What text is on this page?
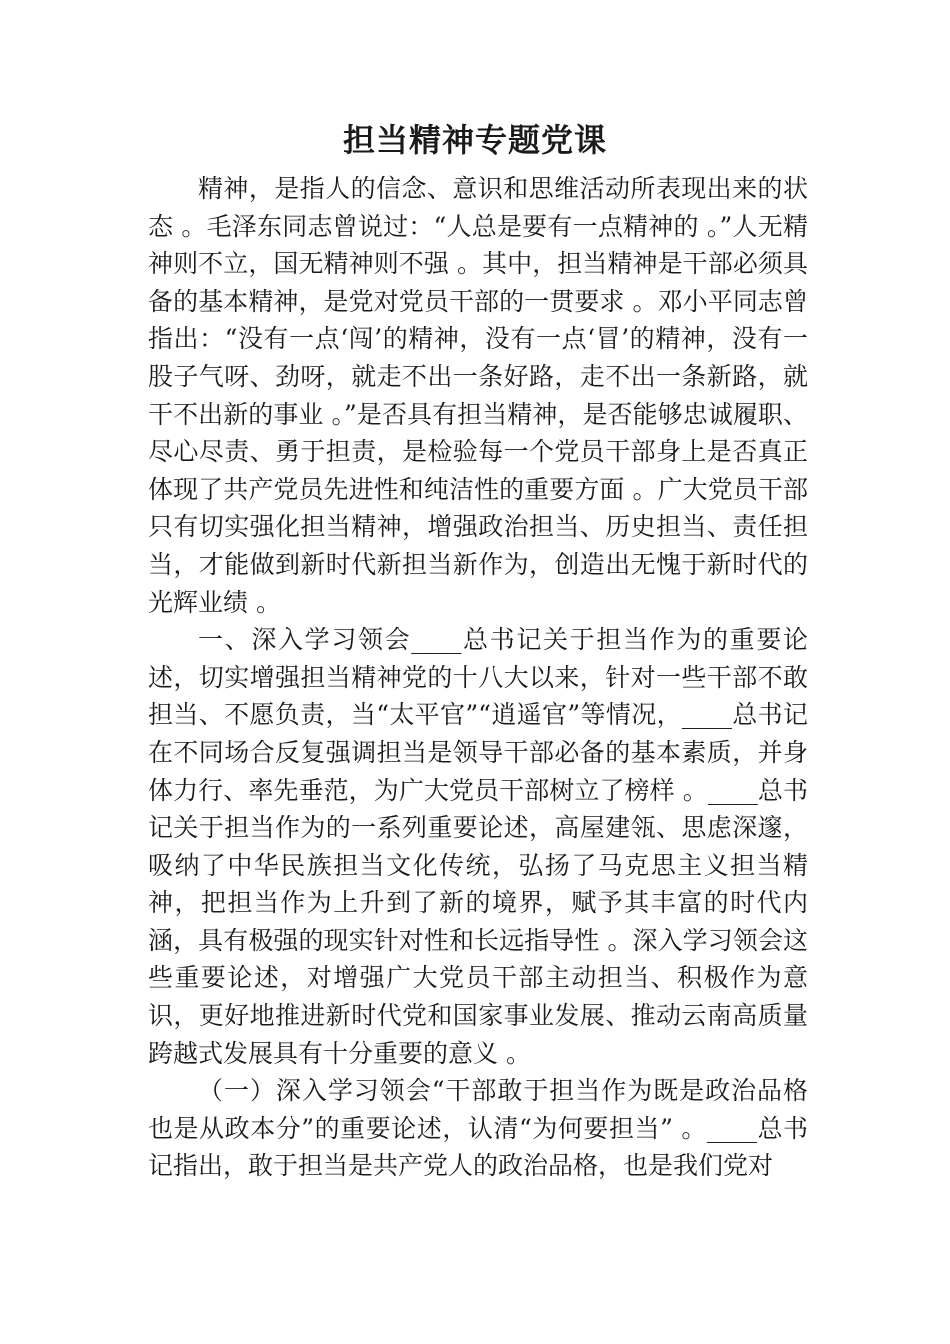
担当精神专题党课

精神，是指人的信念、意识和思维活动所表现出来的状态 。毛泽东同志曾说过：“人总是要有一点精神的 。”人无精神则不立，国无精神则不强 。其中，担当精神是干部必须具备的基本精神，是党对党员干部的一贯要求 。邓小平同志曾指出：“没有一点‘闯’的精神，没有一点‘冒’的精神，没有一股子气呀、劲呀，就走不出一条好路，走不出一条新路，就干不出新的事业 。”是否具有担当精神，是否能够忠诚履职、尽心尽责、勇于担责，是检验每一个党员干部身上是否真正体现了共产党员先进性和纯洁性的重要方面 。广大党员干部只有切实强化担当精神，增强政治担当、历史担当、责任担当，才能做到新时代新担当新作为，创造出无愧于新时代的光辉业绩 。

一、深入学习领会____总书记关于担当作为的重要论述，切实增强担当精神党的十八大以来，针对一些干部不敢担当、不愿负责，当“太平官”“逍遥官”等情况，____总书记在不同场合反复强调担当是领导干部必备的基本素质，并身体力行、率先垂范，为广大党员干部树立了榜样 。____总书记关于担当作为的一系列重要论述，高屋建瓴、思虑深邃，吸纳了中华民族担当文化传统，弘扬了马克思主义担当精神，把担当作为上升到了新的境界，赋予其丰富的时代内涵，具有极强的现实针对性和长远指导性 。深入学习领会这些重要论述，对增强广大党员干部主动担当、积极作为意识，更好地推进新时代党和国家事业发展、推动云南高质量跨越式发展具有十分重要的意义 。

（一）深入学习领会“干部敢于担当作为既是政治品格也是从政本分”的重要论述，认清“为何要担当” 。____总书记指出，敢于担当是共产党人的政治品格，也是我们党对
